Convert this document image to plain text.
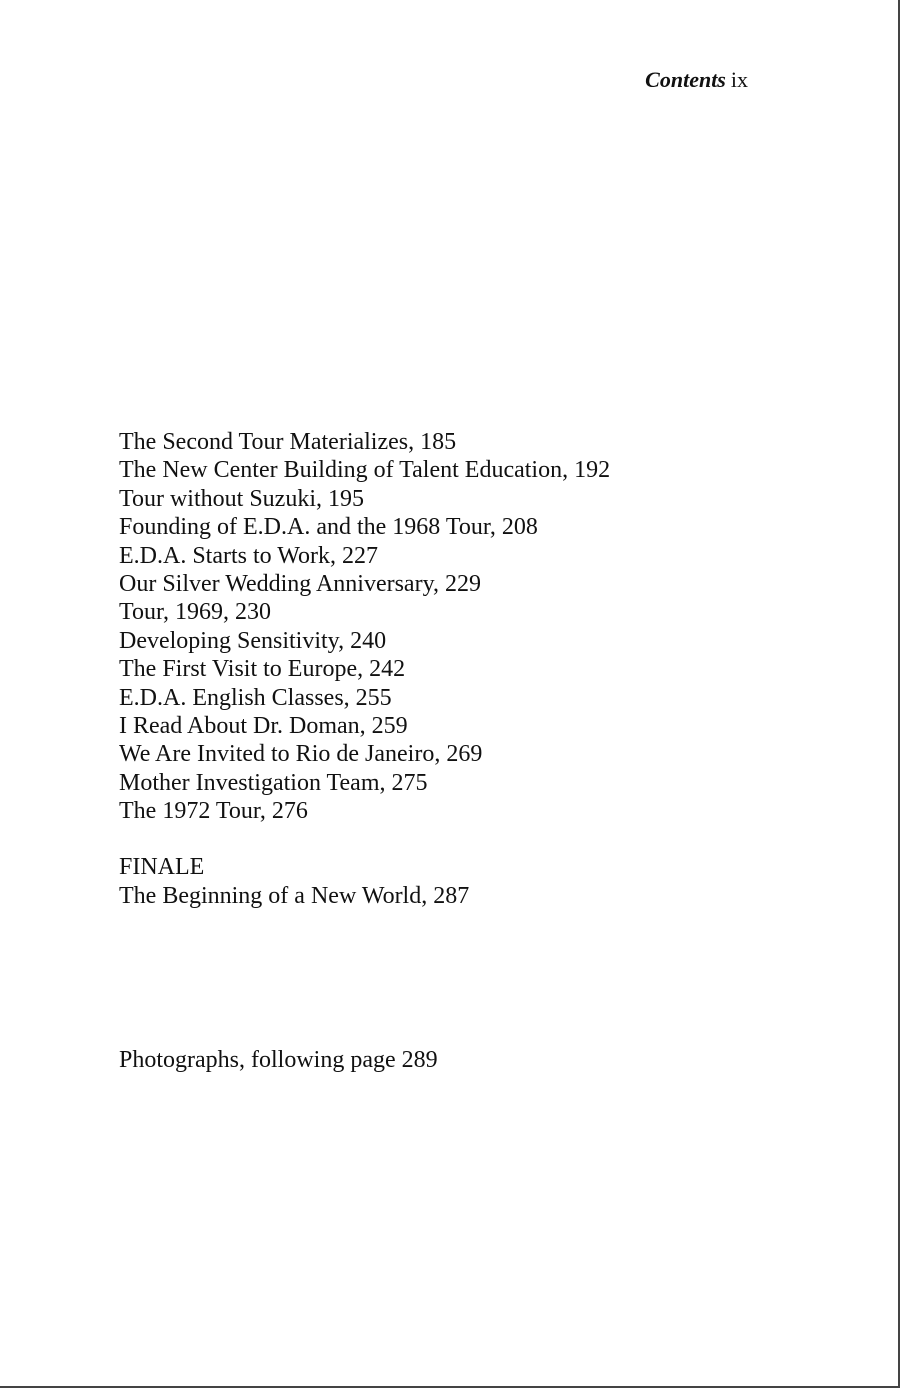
Contents ix
The Second Tour Materializes, 185
The New Center Building of Talent Education, 192
Tour without Suzuki, 195
Founding of E.D.A. and the 1968 Tour, 208
E.D.A. Starts to Work, 227
Our Silver Wedding Anniversary, 229
Tour, 1969, 230
Developing Sensitivity, 240
The First Visit to Europe, 242
E.D.A. English Classes, 255
I Read About Dr. Doman, 259
We Are Invited to Rio de Janeiro, 269
Mother Investigation Team, 275
The 1972 Tour, 276
FINALE
The Beginning of a New World, 287
Photographs, following page 289
